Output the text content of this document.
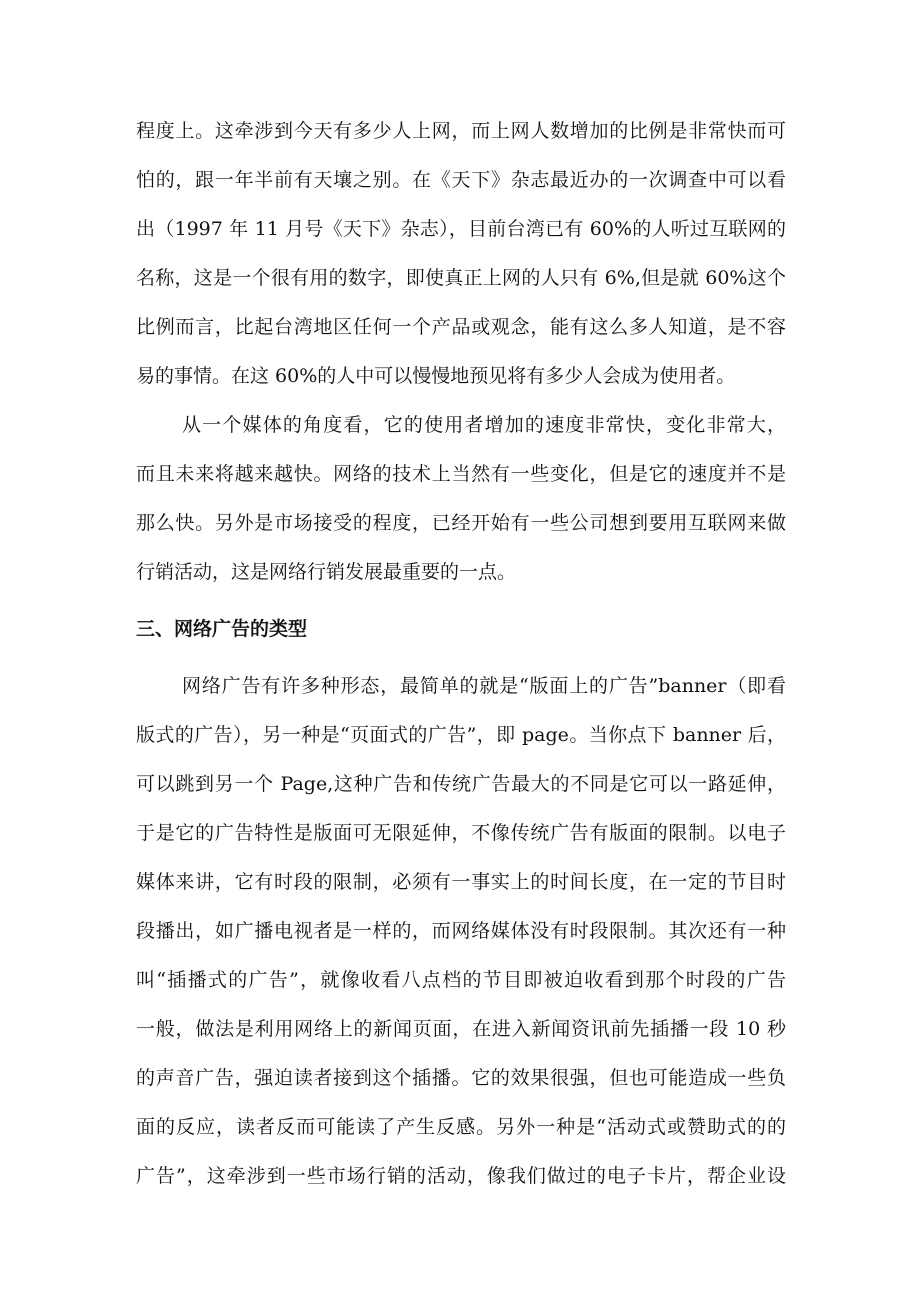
程度上。这牵涉到今天有多少人上网，而上网人数增加的比例是非常快而可
怕的，跟一年半前有天壤之别。在《天下》杂志最近办的一次调查中可以看
出（1997 年 11 月号《天下》杂志），目前台湾已有 60%的人听过互联网的
名称，这是一个很有用的数字，即使真正上网的人只有 6%,但是就 60%这个
比例而言，比起台湾地区任何一个产品或观念，能有这么多人知道，是不容
易的事情。在这 60%的人中可以慢慢地预见将有多少人会成为使用者。
从一个媒体的角度看，它的使用者增加的速度非常快，变化非常大，
而且未来将越来越快。网络的技术上当然有一些变化，但是它的速度并不是
那么快。另外是市场接受的程度，已经开始有一些公司想到要用互联网来做
行销活动，这是网络行销发展最重要的一点。
三、网络广告的类型
网络广告有许多种形态，最简单的就是“版面上的广告”banner（即看
版式的广告），另一种是“页面式的广告”，即 page。当你点下 banner 后，
可以跳到另一个 Page,这种广告和传统广告最大的不同是它可以一路延伸，
于是它的广告特性是版面可无限延伸，不像传统广告有版面的限制。以电子
媒体来讲，它有时段的限制，必须有一事实上的时间长度，在一定的节目时
段播出，如广播电视者是一样的，而网络媒体没有时段限制。其次还有一种
叫“插播式的广告”，就像收看八点档的节目即被迫收看到那个时段的广告
一般，做法是利用网络上的新闻页面，在进入新闻资讯前先插播一段 10 秒
的声音广告，强迫读者接到这个插播。它的效果很强，但也可能造成一些负
面的反应，读者反而可能读了产生反感。另外一种是“活动式或赞助式的的
广告”，这牵涉到一些市场行销的活动，像我们做过的电子卡片，帮企业设
